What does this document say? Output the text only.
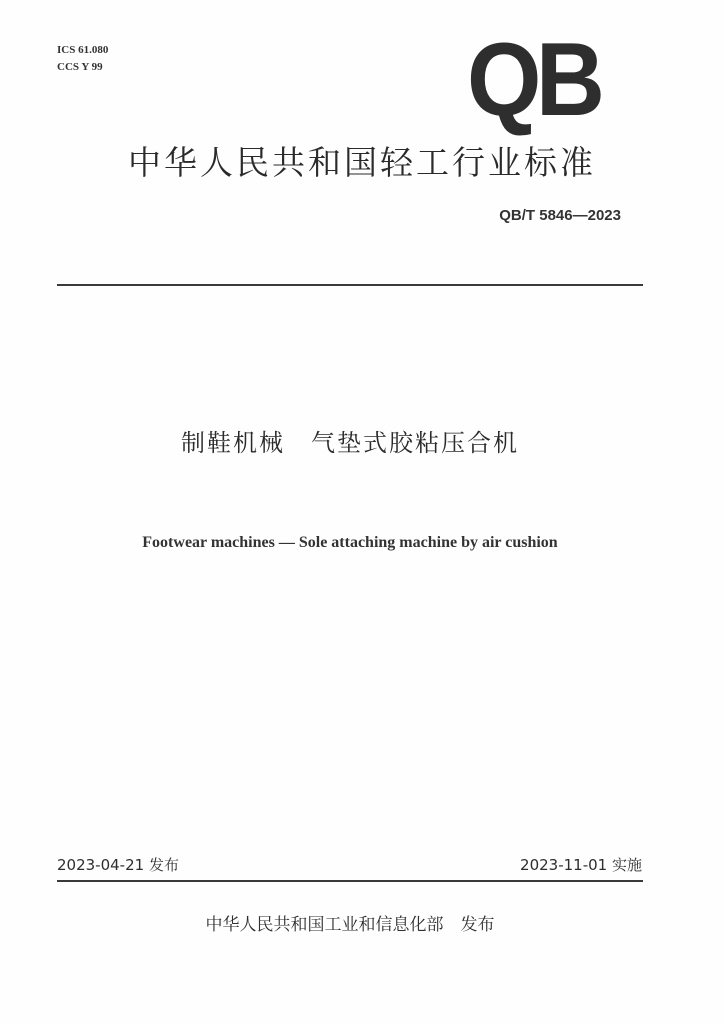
ICS 61.080
CCS Y 99	QB
中华人民共和国轻工行业标准
QB/T 5846—2023
制鞋机械　气垫式胶粘压合机
Footwear machines — Sole attaching machine by air cushion
2023-04-21 发布	2023-11-01 实施
中华人民共和国工业和信息化部　发布
